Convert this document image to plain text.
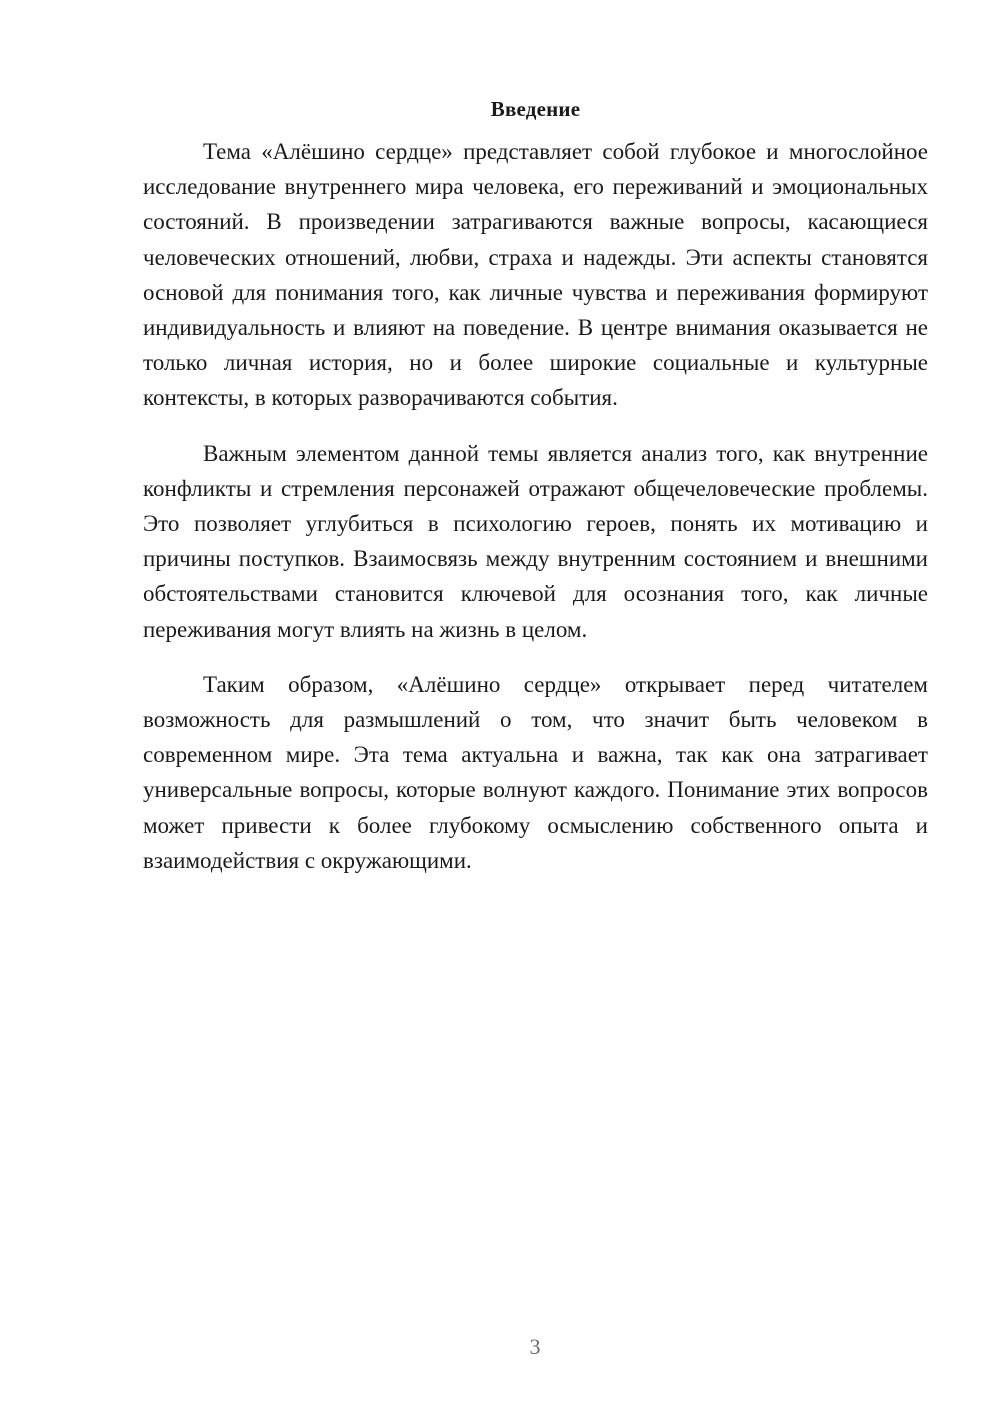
Введение

Тема «Алёшино сердце» представляет собой глубокое и многослойное исследование внутреннего мира человека, его переживаний и эмоциональных состояний. В произведении затрагиваются важные вопросы, касающиеся человеческих отношений, любви, страха и надежды. Эти аспекты становятся основой для понимания того, как личные чувства и переживания формируют индивидуальность и влияют на поведение. В центре внимания оказывается не только личная история, но и более широкие социальные и культурные контексты, в которых разворачиваются события.

Важным элементом данной темы является анализ того, как внутренние конфликты и стремления персонажей отражают общечеловеческие проблемы. Это позволяет углубиться в психологию героев, понять их мотивацию и причины поступков. Взаимосвязь между внутренним состоянием и внешними обстоятельствами становится ключевой для осознания того, как личные переживания могут влиять на жизнь в целом.

Таким образом, «Алёшино сердце» открывает перед читателем возможность для размышлений о том, что значит быть человеком в современном мире. Эта тема актуальна и важна, так как она затрагивает универсальные вопросы, которые волнуют каждого. Понимание этих вопросов может привести к более глубокому осмыслению собственного опыта и взаимодействия с окружающими.

3
